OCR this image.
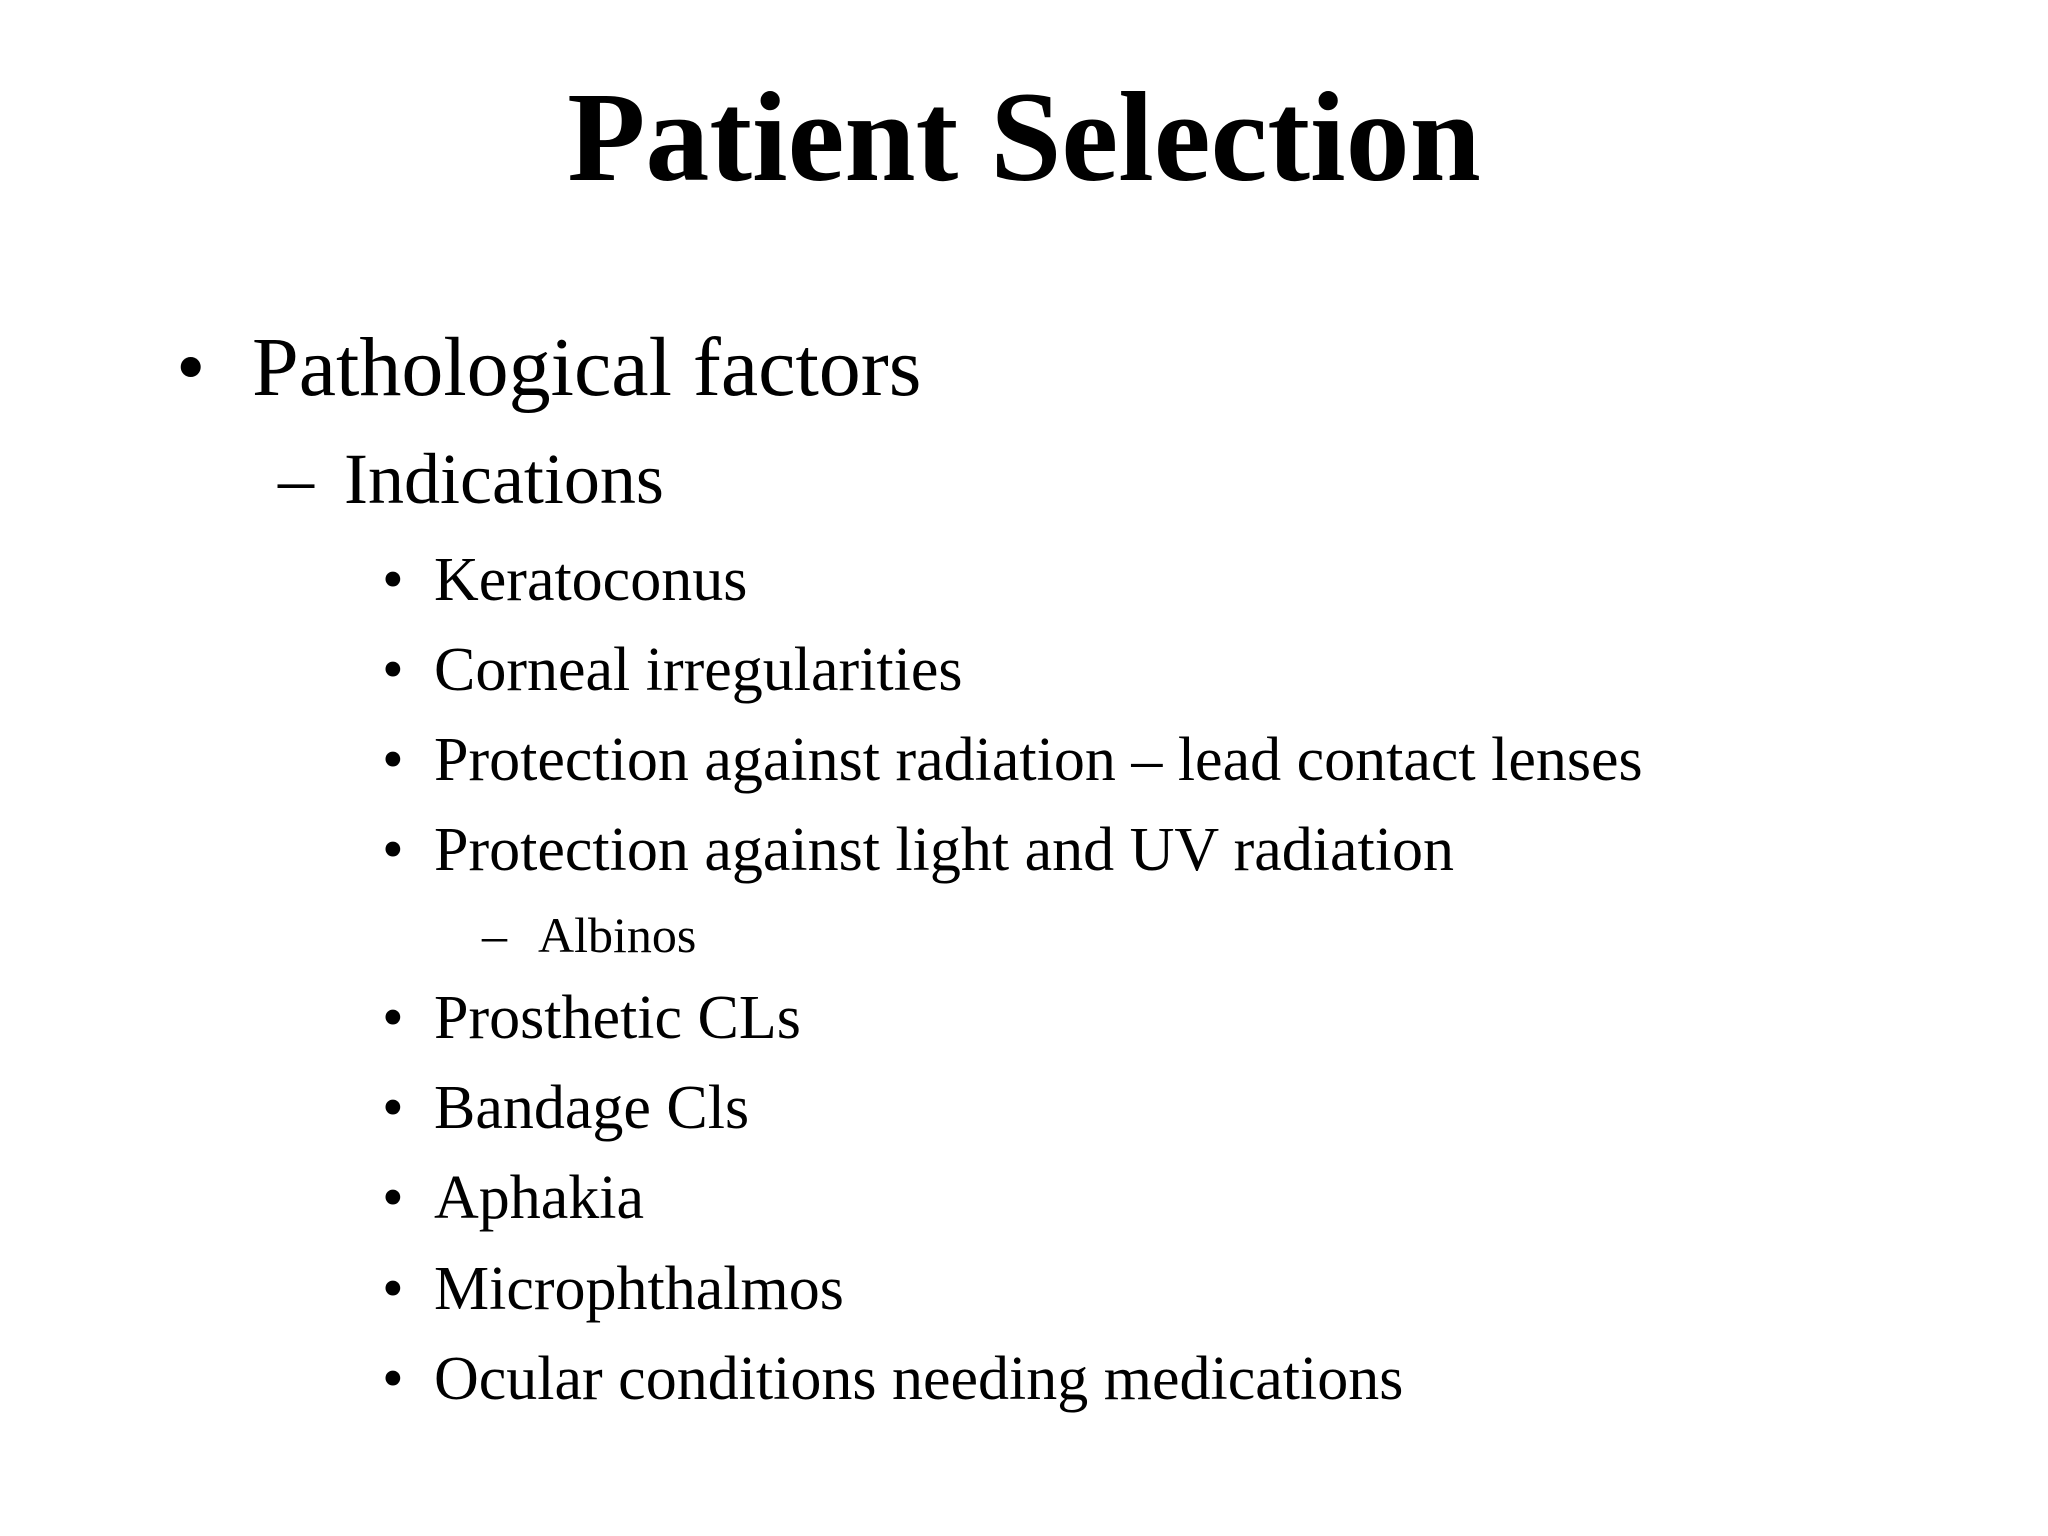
Patient Selection
• Pathological factors
– Indications
• Keratoconus
• Corneal irregularities
• Protection against radiation – lead contact lenses
• Protection against light and UV radiation
– Albinos
• Prosthetic CLs
• Bandage Cls
• Aphakia
• Microphthalmos
• Ocular conditions needing medications
